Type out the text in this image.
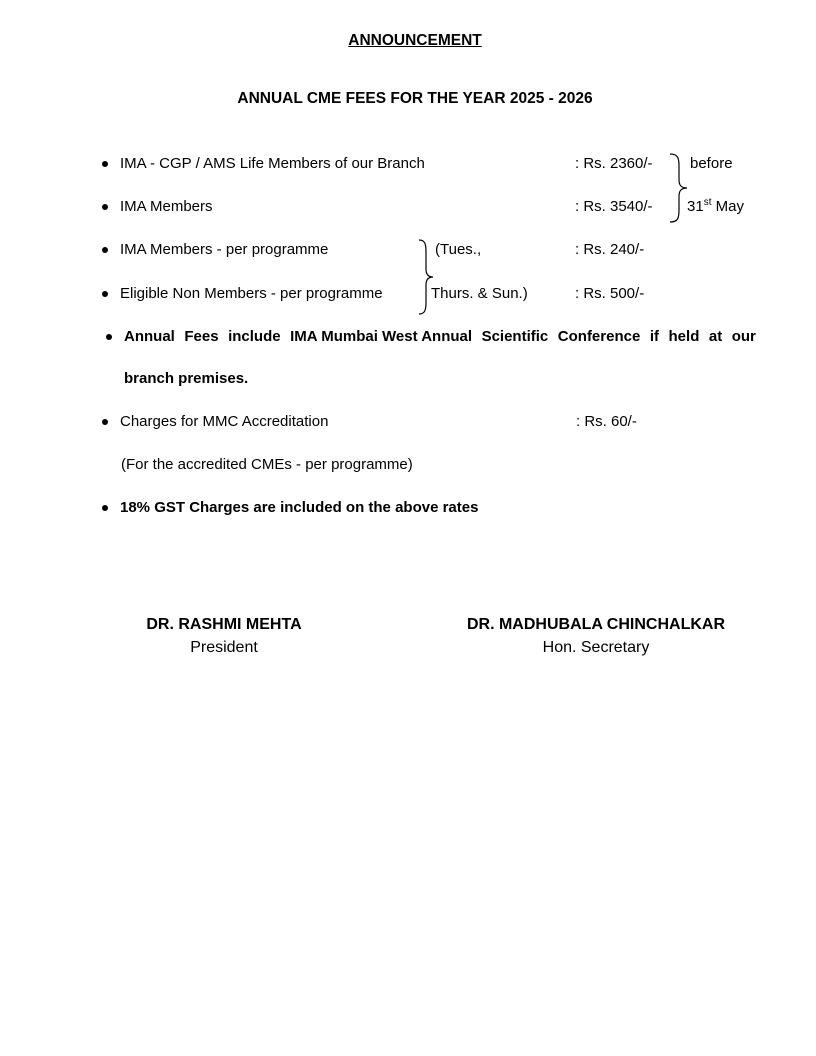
ANNOUNCEMENT
ANNUAL CME FEES FOR THE YEAR 2025 - 2026
IMA - CGP / AMS Life Members of our Branch	: Rs. 2360/-
IMA Members	: Rs. 3540/-
before
31st May
IMA Members - per programme	(Tues.,	: Rs. 240/-
Eligible Non Members - per programme	Thurs. & Sun.)	: Rs. 500/-
Annual Fees include IMA Mumbai West Annual Scientific Conference if held at our
branch premises.
Charges for MMC Accreditation	: Rs. 60/-
(For the accredited CMEs - per programme)
18% GST Charges are included on the above rates
DR. RASHMI MEHTA
President
DR. MADHUBALA CHINCHALKAR
Hon. Secretary
